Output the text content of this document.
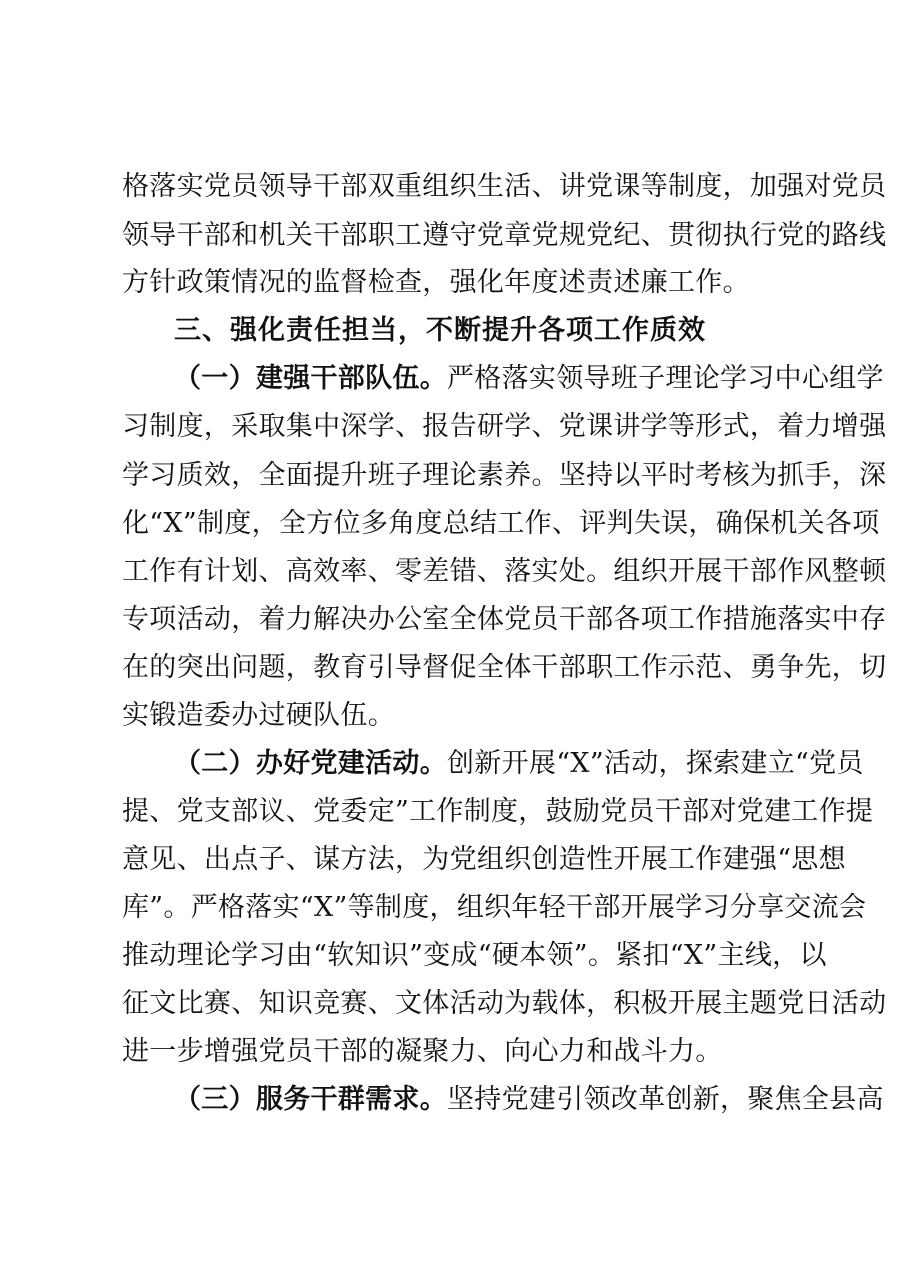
格落实党员领导干部双重组织生活、讲党课等制度，加强对党员
领导干部和机关干部职工遵守党章党规党纪、贯彻执行党的路线
方针政策情况的监督检查，强化年度述责述廉工作。
三、强化责任担当，不断提升各项工作质效
（一）建强干部队伍。严格落实领导班子理论学习中心组学
习制度，采取集中深学、报告研学、党课讲学等形式，着力增强
学习质效，全面提升班子理论素养。坚持以平时考核为抓手，深
化“X”制度，全方位多角度总结工作、评判失误，确保机关各项
工作有计划、高效率、零差错、落实处。组织开展干部作风整顿
专项活动，着力解决办公室全体党员干部各项工作措施落实中存
在的突出问题，教育引导督促全体干部职工作示范、勇争先，切
实锻造委办过硬队伍。
（二）办好党建活动。创新开展“X”活动，探索建立“党员
提、党支部议、党委定”工作制度，鼓励党员干部对党建工作提
意见、出点子、谋方法，为党组织创造性开展工作建强“思想
库”。严格落实“X”等制度，组织年轻干部开展学习分享交流会
推动理论学习由“软知识”变成“硬本领”。紧扣“X”主线，以
征文比赛、知识竞赛、文体活动为载体，积极开展主题党日活动
进一步增强党员干部的凝聚力、向心力和战斗力。
（三）服务干群需求。坚持党建引领改革创新，聚焦全县高
